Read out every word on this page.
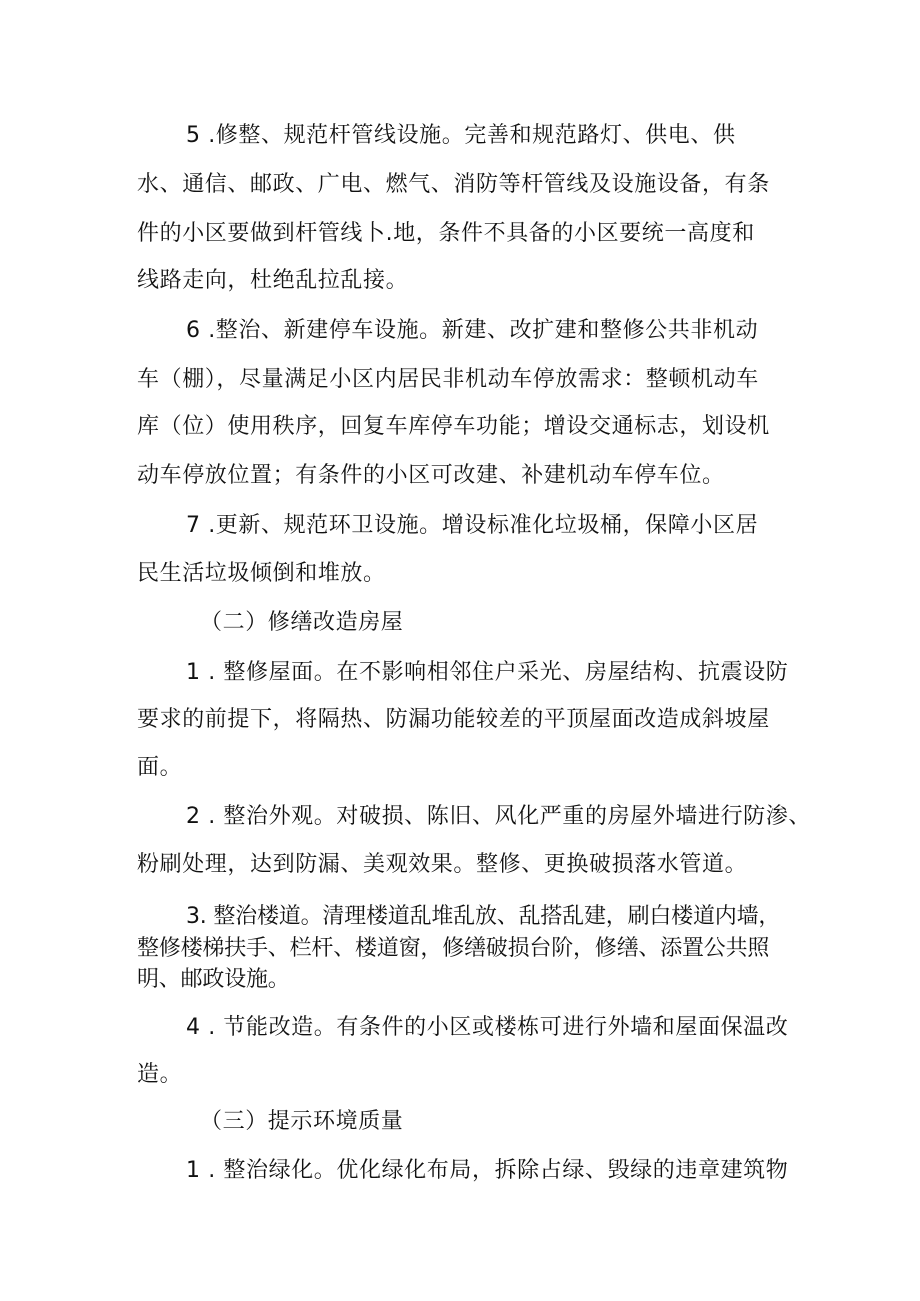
5 .修整、规范杆管线设施。完善和规范路灯、供电、供

水、通信、邮政、广电、燃气、消防等杆管线及设施设备，有条

件的小区要做到杆管线卜.地，条件不具备的小区要统一高度和

线路走向，杜绝乱拉乱接。

6 .整治、新建停车设施。新建、改扩建和整修公共非机动

车（棚），尽量满足小区内居民非机动车停放需求：整顿机动车

库（位）使用秩序，回复车库停车功能；增设交通标志，划设机

动车停放位置；有条件的小区可改建、补建机动车停车位。

7 .更新、规范环卫设施。增设标准化垃圾桶，保障小区居

民生活垃圾倾倒和堆放。

（二）修缮改造房屋

1 . 整修屋面。在不影响相邻住户采光、房屋结构、抗震设防

要求的前提下，将隔热、防漏功能较差的平顶屋面改造成斜坡屋

面。

2 . 整治外观。对破损、陈旧、风化严重的房屋外墙进行防渗、

粉刷处理，达到防漏、美观效果。整修、更换破损落水管道。

3. 整治楼道。清理楼道乱堆乱放、乱搭乱建，刷白楼道内墙，

整修楼梯扶手、栏杆、楼道窗，修缮破损台阶，修缮、添置公共照

明、邮政设施。

4 . 节能改造。有条件的小区或楼栋可进行外墙和屋面保温改

造。

（三）提示环境质量

1 . 整治绿化。优化绿化布局，拆除占绿、毁绿的违章建筑物
